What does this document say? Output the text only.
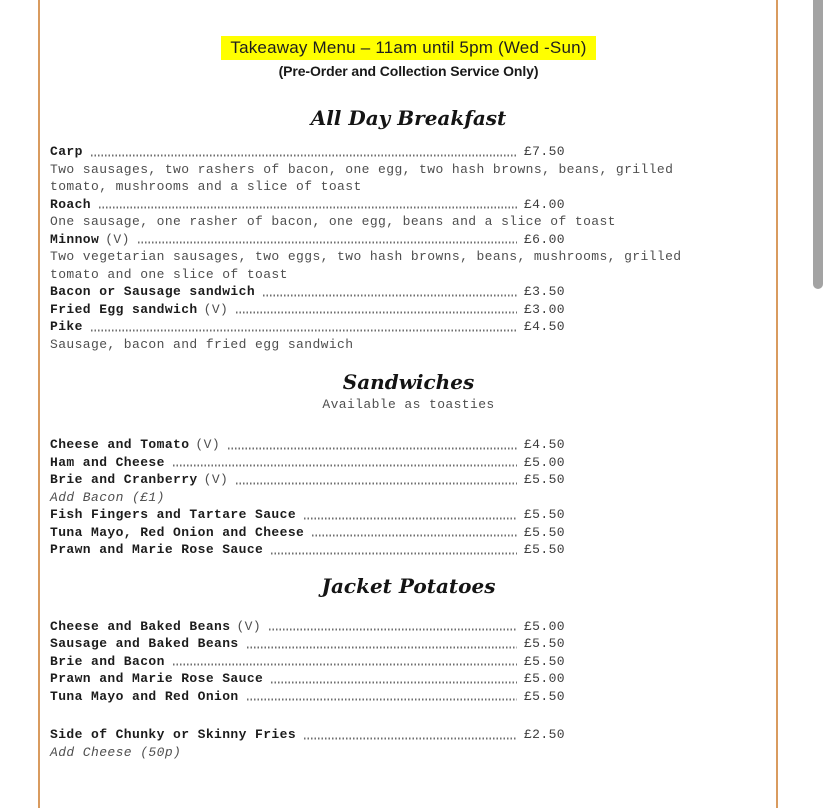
Takeaway Menu – 11am until 5pm (Wed -Sun)
(Pre-Order and Collection Service Only)
All Day Breakfast
Carp	£7.50
Two sausages, two rashers of bacon, one egg, two hash browns, beans, grilled tomato, mushrooms and a slice of toast
Roach	£4.00
One sausage, one rasher of bacon, one egg, beans and a slice of toast
Minnow (V)	£6.00
Two vegetarian sausages, two eggs, two hash browns, beans, mushrooms, grilled tomato and one slice of toast
Bacon or Sausage sandwich	£3.50
Fried Egg sandwich (V)	£3.00
Pike	£4.50
Sausage, bacon and fried egg sandwich
Sandwiches
Available as toasties
Cheese and Tomato (V)	£4.50
Ham and Cheese	£5.00
Brie and Cranberry (V)	£5.50
Add Bacon (£1)
Fish Fingers and Tartare Sauce	£5.50
Tuna Mayo, Red Onion and Cheese	£5.50
Prawn and Marie Rose Sauce	£5.50
Jacket Potatoes
Cheese and Baked Beans (V)	£5.00
Sausage and Baked Beans	£5.50
Brie and Bacon	£5.50
Prawn and Marie Rose Sauce	£5.00
Tuna Mayo and Red Onion	£5.50
Side of Chunky or Skinny Fries	£2.50
Add Cheese (50p)
